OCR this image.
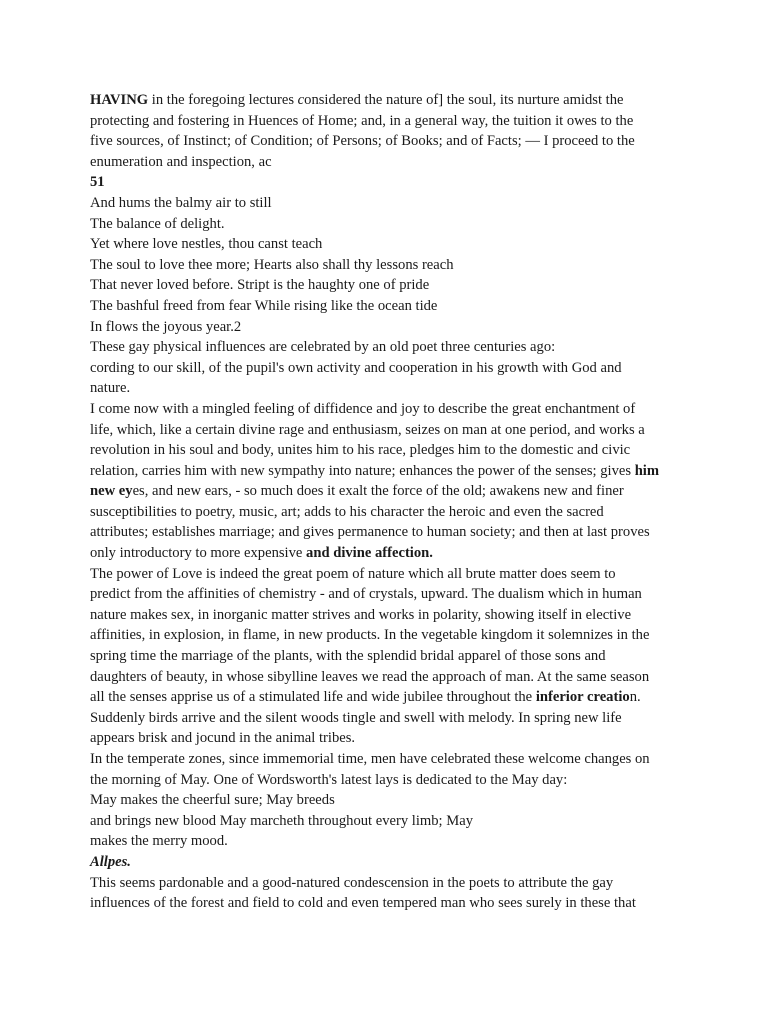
HAVING in the foregoing lectures considered the nature of] the soul, its nurture amidst the
protecting and fostering in Huences of Home; and, in a general way, the tuition it owes to the
five sources, of Instinct; of Condition; of Persons; of Books; and of Facts; — I proceed to the
enumeration and inspection, ac
51
And hums the balmy air to still
The balance of delight.
Yet where love nestles, thou canst teach
The soul to love thee more; Hearts also shall thy lessons reach
That never loved before. Stript is the haughty one of pride
The bashful freed from fear While rising like the ocean tide
In flows the joyous year.2
These gay physical influences are celebrated by an old poet three centuries ago:
cording to our skill, of the pupil's own activity and cooperation in his growth with God and
nature.
I come now with a mingled feeling of diffidence and joy to describe the great enchantment of
life, which, like a certain divine rage and enthusiasm, seizes on man at one period, and works a
revolution in his soul and body, unites him to his race, pledges him to the domestic and civic
relation, carries him with new sympathy into nature; enhances the power of the senses; gives him
new eyes, and new ears, - so much does it exalt the force of the old; awakens new and finer
susceptibilities to poetry, music, art; adds to his character the heroic and even the sacred
attributes; establishes marriage; and gives permanence to human society; and then at last proves
only introductory to more expensive and divine affection.
The power of Love is indeed the great poem of nature which all brute matter does seem to
predict from the affinities of chemistry - and of crystals, upward. The dualism which in human
nature makes sex, in inorganic matter strives and works in polarity, showing itself in elective
affinities, in explosion, in flame, in new products. In the vegetable kingdom it solemnizes in the
spring time the marriage of the plants, with the splendid bridal apparel of those sons and
daughters of beauty, in whose sibylline leaves we read the approach of man. At the same season
all the senses apprise us of a stimulated life and wide jubilee throughout the inferior creation.
Suddenly birds arrive and the silent woods tingle and swell with melody. In spring new life
appears brisk and jocund in the animal tribes.
In the temperate zones, since immemorial time, men have celebrated these welcome changes on
the morning of May. One of Wordsworth's latest lays is dedicated to the May day:
May makes the cheerful sure; May breeds
and brings new blood May marcheth throughout every limb; May
makes the merry mood.
Allpes.
This seems pardonable and a good-natured condescension in the poets to attribute the gay
influences of the forest and field to cold and even tempered man who sees surely in these that
